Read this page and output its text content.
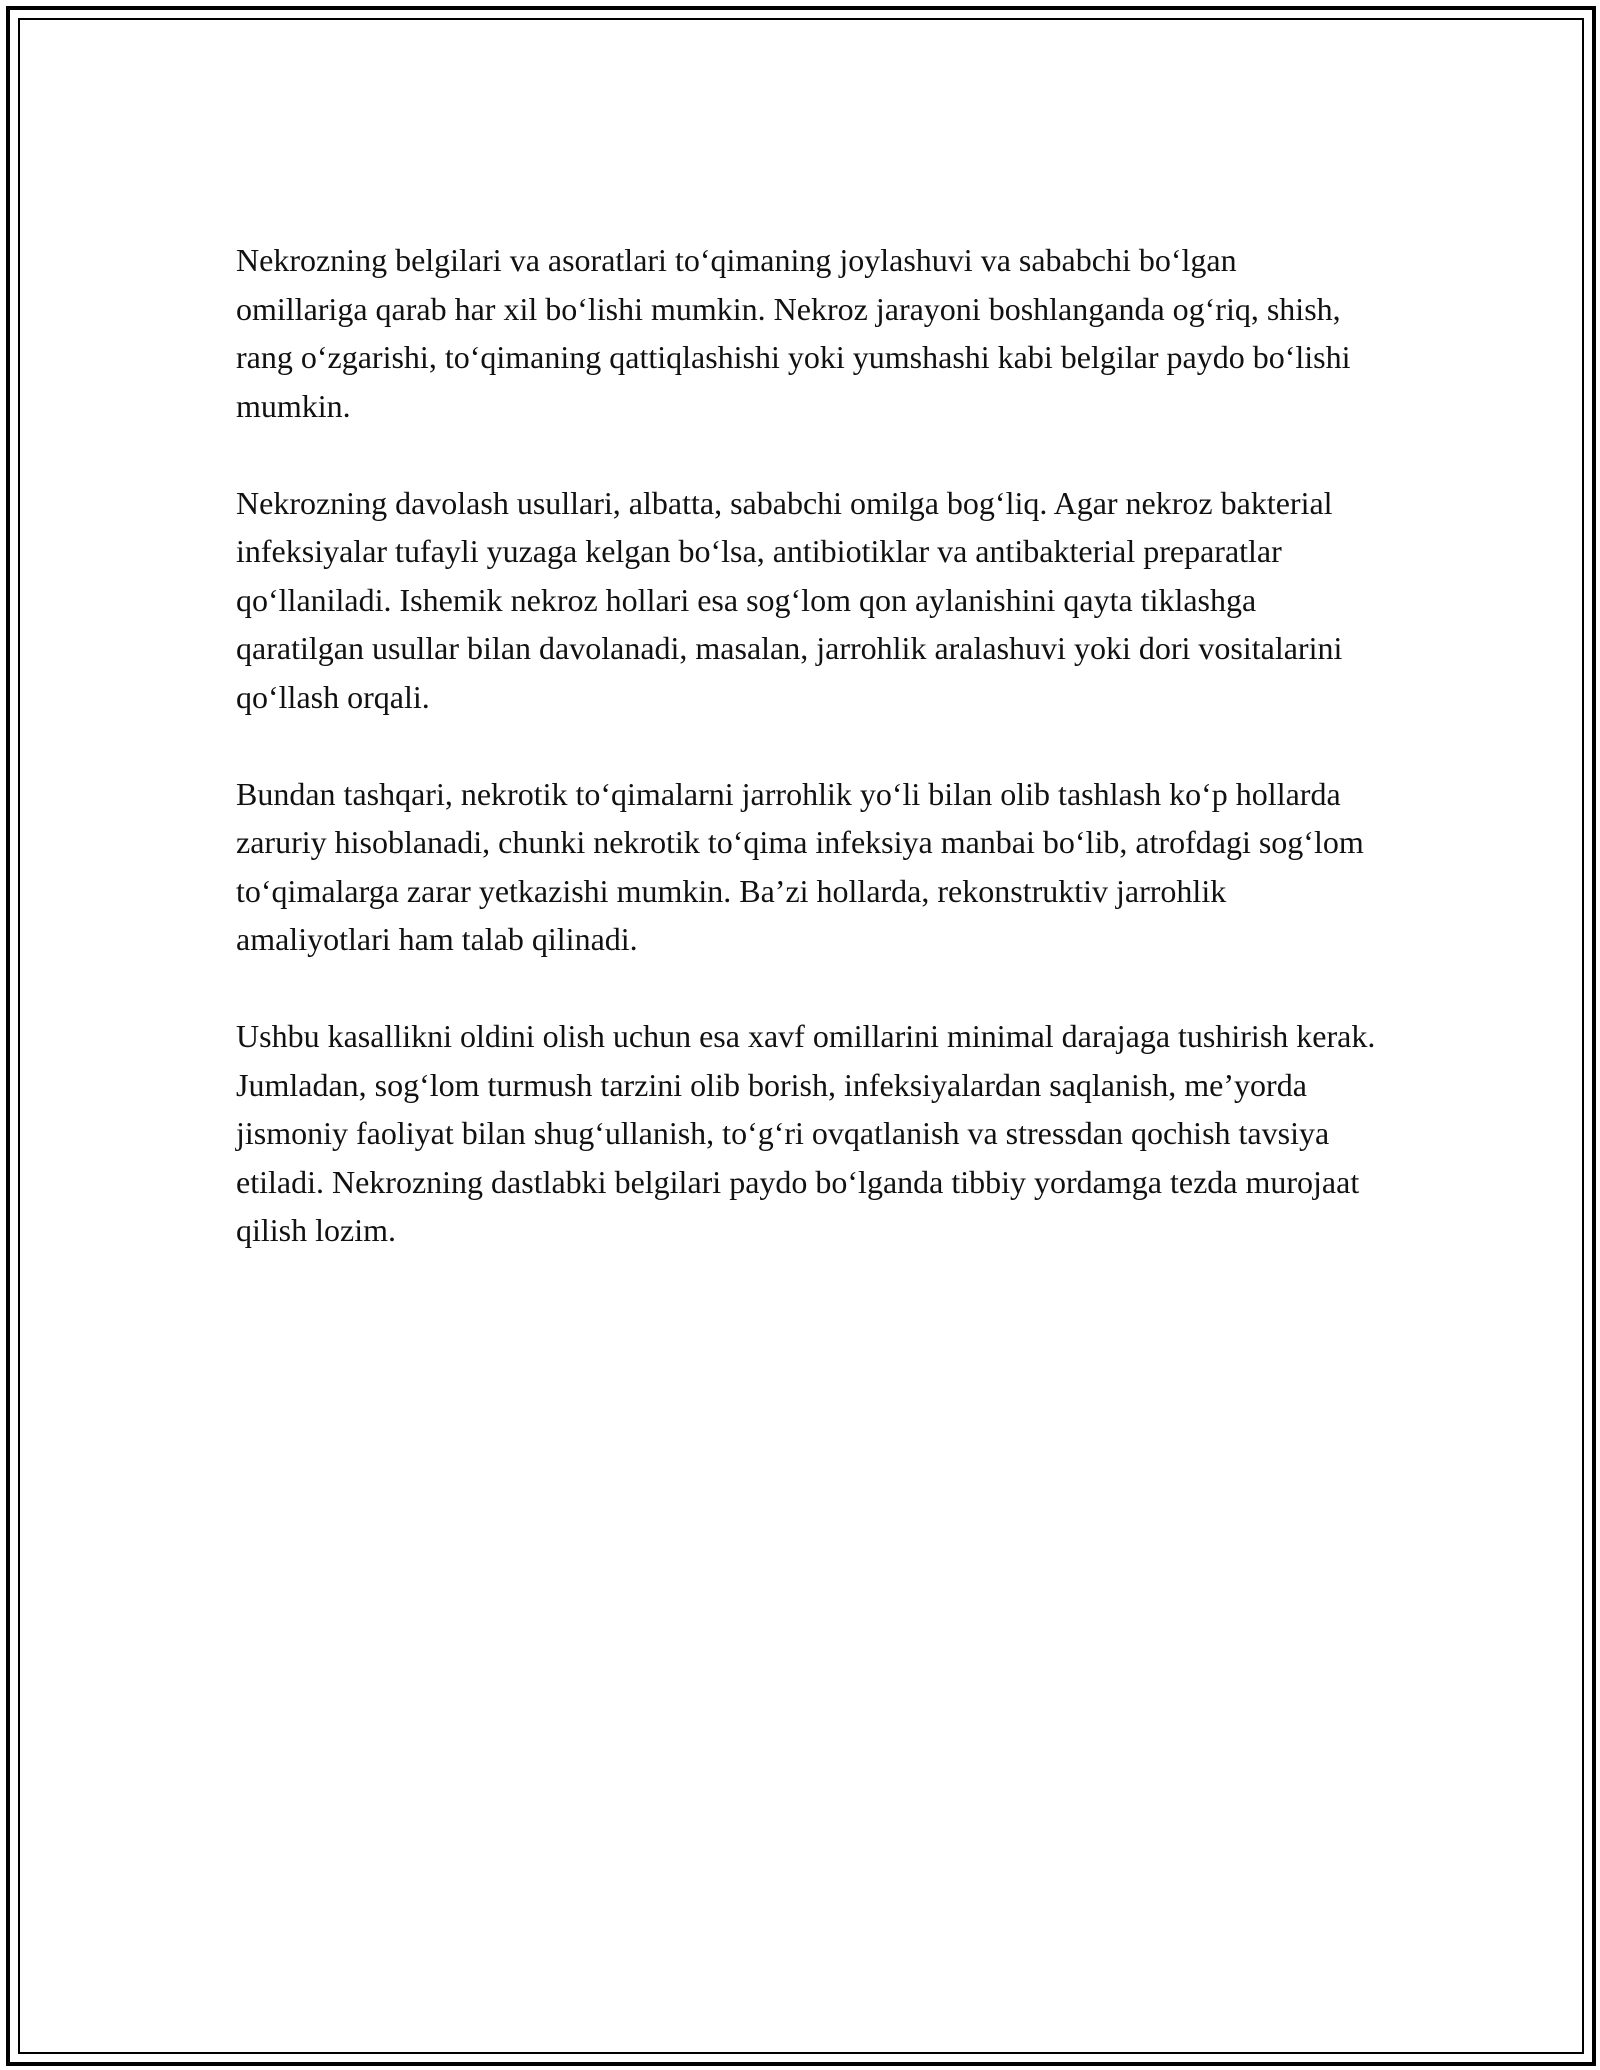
Nekrozning belgilari va asoratlari to‘qimaning joylashuvi va sababchi bo‘lgan omillariga qarab har xil bo‘lishi mumkin. Nekroz jarayoni boshlanganda og‘riq, shish, rang o‘zgarishi, to‘qimaning qattiqlashishi yoki yumshashi kabi belgilar paydo bo‘lishi mumkin.

Nekrozning davolash usullari, albatta, sababchi omilga bog‘liq. Agar nekroz bakterial infeksiyalar tufayli yuzaga kelgan bo‘lsa, antibiotiklar va antibakterial preparatlar qo‘llaniladi. Ishemik nekroz hollari esa sog‘lom qon aylanishini qayta tiklashga qaratilgan usullar bilan davolanadi, masalan, jarrohlik aralashuvi yoki dori vositalarini qo‘llash orqali.

Bundan tashqari, nekrotik to‘qimalarni jarrohlik yo‘li bilan olib tashlash ko‘p hollarda zaruriy hisoblanadi, chunki nekrotik to‘qima infeksiya manbai bo‘lib, atrofdagi sog‘lom to‘qimalarga zarar yetkazishi mumkin. Ba’zi hollarda, rekonstruktiv jarrohlik amaliyotlari ham talab qilinadi.

Ushbu kasallikni oldini olish uchun esa xavf omillarini minimal darajaga tushirish kerak. Jumladan, sog‘lom turmush tarzini olib borish, infeksiyalardan saqlanish, me’yorda jismoniy faoliyat bilan shug‘ullanish, to‘g‘ri ovqatlanish va stressdan qochish tavsiya etiladi. Nekrozning dastlabki belgilari paydo bo‘lganda tibbiy yordamga tezda murojaat qilish lozim.
